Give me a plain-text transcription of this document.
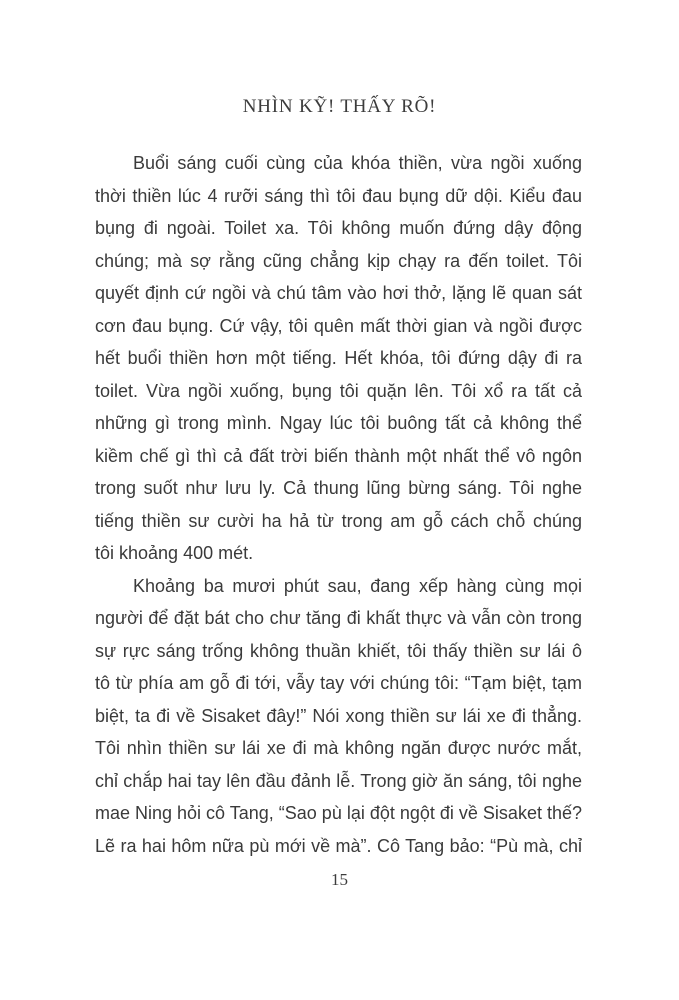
NHÌN KỸ! THẤY RÕ!
Buổi sáng cuối cùng của khóa thiền, vừa ngồi xuống
thời thiền lúc 4 rưỡi sáng thì tôi đau bụng dữ dội. Kiểu đau
bụng đi ngoài. Toilet xa. Tôi không muốn đứng dậy động
chúng; mà sợ rằng cũng chẳng kịp chạy ra đến toilet. Tôi
quyết định cứ ngồi và chú tâm vào hơi thở, lặng lẽ quan sát
cơn đau bụng. Cứ vậy, tôi quên mất thời gian và ngồi được
hết buổi thiền hơn một tiếng. Hết khóa, tôi đứng dậy đi ra
toilet. Vừa ngồi xuống, bụng tôi quặn lên. Tôi xổ ra tất cả
những gì trong mình. Ngay lúc tôi buông tất cả không thể
kiềm chế gì thì cả đất trời biến thành một nhất thể vô ngôn
trong suốt như lưu ly. Cả thung lũng bừng sáng. Tôi nghe
tiếng thiền sư cười ha hả từ trong am gỗ cách chỗ chúng
tôi khoảng 400 mét.
Khoảng ba mươi phút sau, đang xếp hàng cùng mọi
người để đặt bát cho chư tăng đi khất thực và vẫn còn trong
sự rực sáng trống không thuần khiết, tôi thấy thiền sư lái ô
tô từ phía am gỗ đi tới, vẫy tay với chúng tôi: “Tạm biệt, tạm
biệt, ta đi về Sisaket đây!” Nói xong thiền sư lái xe đi thẳng.
Tôi nhìn thiền sư lái xe đi mà không ngăn được nước mắt,
chỉ chắp hai tay lên đầu đảnh lễ. Trong giờ ăn sáng, tôi nghe
mae Ning hỏi cô Tang, “Sao pù lại đột ngột đi về Sisaket thế?
Lẽ ra hai hôm nữa pù mới về mà”. Cô Tang bảo: “Pù mà, chỉ
15
